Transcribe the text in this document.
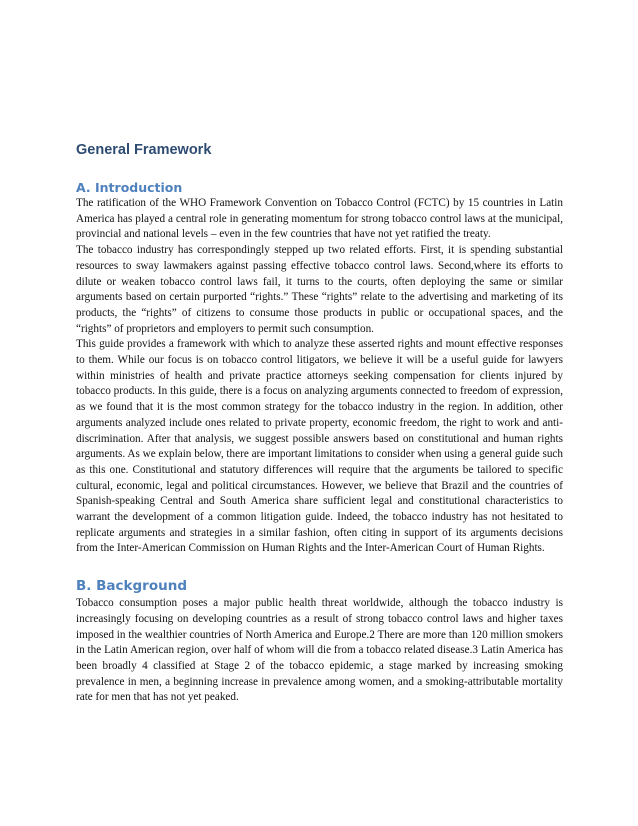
General Framework
A. Introduction

The ratification of the WHO Framework Convention on Tobacco Control (FCTC) by 15 countries in Latin America has played a central role in generating momentum for strong tobacco control laws at the municipal, provincial and national levels – even in the few countries that have not yet ratified the treaty.

The tobacco industry has correspondingly stepped up two related efforts. First, it is spending substantial resources to sway lawmakers against passing effective tobacco control laws. Second,where its efforts to dilute or weaken tobacco control laws fail, it turns to the courts, often deploying the same or similar arguments based on certain purported “rights.” These “rights” relate to the advertising and marketing of its products, the “rights” of citizens to consume those products in public or occupational spaces, and the “rights” of proprietors and employers to permit such consumption.

This guide provides a framework with which to analyze these asserted rights and mount effective responses to them. While our focus is on tobacco control litigators, we believe it will be a useful guide for lawyers within ministries of health and private practice attorneys seeking compensation for clients injured by tobacco products. In this guide, there is a focus on analyzing arguments connected to freedom of expression, as we found that it is the most common strategy for the tobacco industry in the region. In addition, other arguments analyzed include ones related to private property, economic freedom, the right to work and anti-discrimination. After that analysis, we suggest possible answers based on constitutional and human rights arguments. As we explain below, there are important limitations to consider when using a general guide such as this one. Constitutional and statutory differences will require that the arguments be tailored to specific cultural, economic, legal and political circumstances. However, we believe that Brazil and the countries of Spanish-speaking Central and South America share sufficient legal and constitutional characteristics to warrant the development of a common litigation guide. Indeed, the tobacco industry has not hesitated to replicate arguments and strategies in a similar fashion, often citing in support of its arguments decisions from the Inter-American Commission on Human Rights and the Inter-American Court of Human Rights.

B. Background

Tobacco consumption poses a major public health threat worldwide, although the tobacco industry is increasingly focusing on developing countries as a result of strong tobacco control laws and higher taxes imposed in the wealthier countries of North America and Europe.2 There are more than 120 million smokers in the Latin American region, over half of whom will die from a tobacco related disease.3 Latin America has been broadly 4 classified at Stage 2 of the tobacco epidemic, a stage marked by increasing smoking prevalence in men, a beginning increase in prevalence among women, and a smoking-attributable mortality rate for men that has not yet peaked.
